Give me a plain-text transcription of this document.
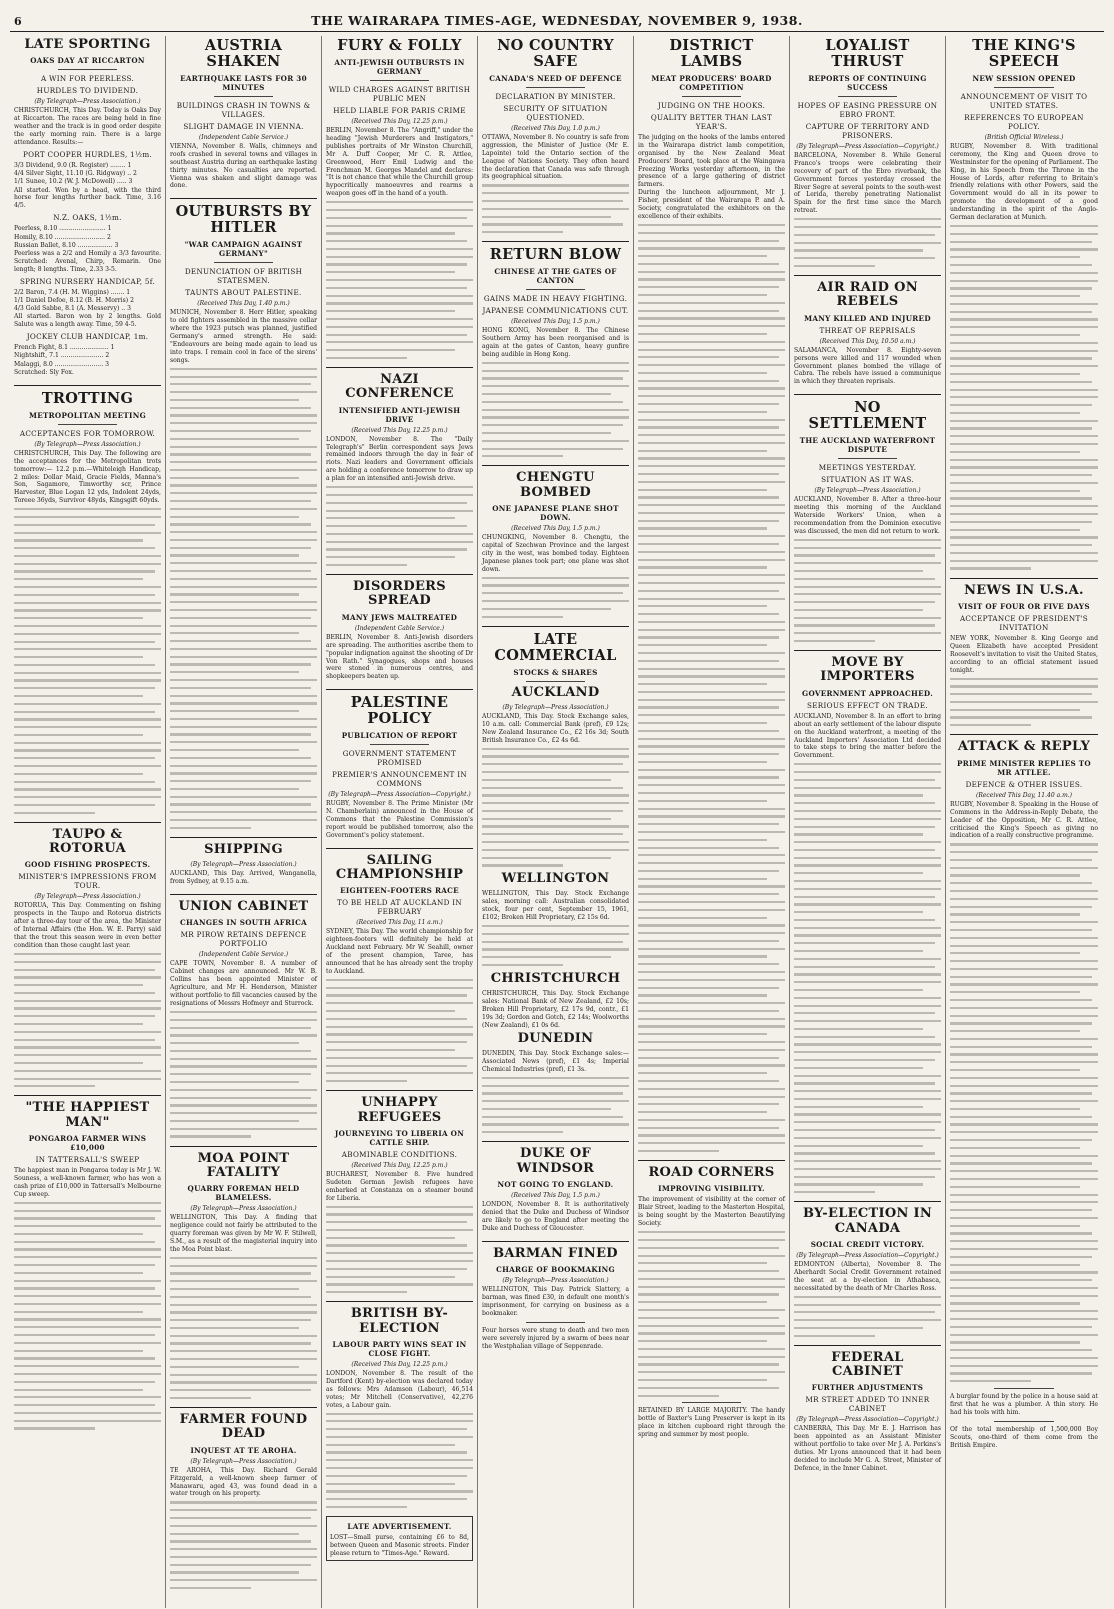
6	THE WAIRARAPA TIMES-AGE, WEDNESDAY, NOVEMBER 9, 1938.
LATE SPORTING
OAKS DAY AT RICCARTON
A WIN FOR PEERLESS.
HURDLES TO DIVIDEND.
(By Telegraph—Press Association.)

CHRISTCHURCH, This Day. Today is Oaks Day at Riccarton. The races are being held in fine weather and the track is in good order despite the early morning rain. There is a large attendance. Results:—

PORT COOPER HURDLES, 1½m.
3/3 Dividend, 9.0 (R. Register) ........ 1
4/4 Silver Sight, 11.10 (G. Ridgway) .. 2
1/1 Sunee, 10.2 (W. J. McDowell) ..... 3

All started. Won by a head, with the third horse four lengths further back. Time, 3.16 4/5.

N.Z. OAKS, 1½m.
Peerless, 8.10 ........................ 1
Homily, 8.10 .......................... 2
Russian Ballet, 8.10 .................. 3

Peerless was a 2/2 and Homily a 3/3 favourite. Scratched: Avenal, Chirp, Remarin. One length; 8 lengths. Time, 2.33 3-5.

SPRING NURSERY HANDICAP, 5f.
2/2 Baron, 7.4 (H. M. Wiggins) ....... 1
1/1 Daniel Defoe, 8.12 (B. H. Morris) 2
4/3 Gold Sabbe, 8.1 (A. Messervy) .. 3

All started. Baron won by 2 lengths. Gold Salute was a length away. Time, 59 4-5.

JOCKEY CLUB HANDICAP, 1m.
French Fight, 8.1 .................... 1
Nightshift, 7.1 ...................... 2
Malaggi, 8.0 ......................... 3

Scratched: Sly Fox.

TROTTING
METROPOLITAN MEETING
ACCEPTANCES FOR TOMORROW.
(By Telegraph—Press Association.)

CHRISTCHURCH, This Day. The following are the acceptances for the Metropolitan trots tomorrow:— 12.2 p.m.—Whiteleigh Handicap, 2 miles: Dollar Maid, Gracie Fields, Manna's Son, Sagamore, Timworthy scr, Prince Harvester, Blue Logan 12 yds, Indolent 24yds, Toreee 36yds, Survivor 48yds, Kingsgift 60yds.

TAUPO & ROTORUA
GOOD FISHING PROSPECTS.
MINISTER'S IMPRESSIONS FROM TOUR.
(By Telegraph—Press Association.)

ROTORUA, This Day. Commenting on fishing prospects in the Taupo and Rotorua districts after a three-day tour of the area, the Minister of Internal Affairs (the Hon. W. E. Parry) said that the trout this season were in even better condition than those caught last year.

"THE HAPPIEST MAN"
PONGAROA FARMER WINS £10,000
IN TATTERSALL'S SWEEP

The happiest man in Pongaroa today is Mr J. W. Souness, a well-known farmer, who has won a cash prize of £10,000 in Tattersall's Melbourne Cup sweep.

AUSTRIA SHAKEN
EARTHQUAKE LASTS FOR 30 MINUTES
BUILDINGS CRASH IN TOWNS & VILLAGES.
SLIGHT DAMAGE IN VIENNA.
(Independent Cable Service.)

VIENNA, November 8. Walls, chimneys and roofs crashed in several towns and villages in southeast Austria during an earthquake lasting thirty minutes. No casualties are reported. Vienna was shaken and slight damage was done.

OUTBURSTS BY HITLER
"WAR CAMPAIGN AGAINST GERMANY"
DENUNCIATION OF BRITISH STATESMEN.
TAUNTS ABOUT PALESTINE.
(Received This Day, 1.40 p.m.)

MUNICH, November 8. Herr Hitler, speaking to old fighters assembled in the massive cellar where the 1923 putsch was planned, justified Germany's armed strength. He said: "Endeavours are being made again to lead us into traps. I remain cool in face of the sirens' songs.

SHIPPING
(By Telegraph—Press Association.)

AUCKLAND, This Day. Arrived, Wanganella, from Sydney, at 9.15 a.m.

UNION CABINET
CHANGES IN SOUTH AFRICA
MR PIROW RETAINS DEFENCE PORTFOLIO
(Independent Cable Service.)

CAPE TOWN, November 8. A number of Cabinet changes are announced. Mr W. B. Collins has been appointed Minister of Agriculture, and Mr H. Henderson, Minister without portfolio to fill vacancies caused by the resignations of Messrs Hofmeyr and Sturrock.

MOA POINT FATALITY
QUARRY FOREMAN HELD BLAMELESS.
(By Telegraph—Press Association.)

WELLINGTON, This Day. A finding that negligence could not fairly be attributed to the quarry foreman was given by Mr W. F. Stilwell, S.M., as a result of the magisterial inquiry into the Moa Point blast.

FARMER FOUND DEAD
INQUEST AT TE AROHA.
(By Telegraph—Press Association.)

TE AROHA, This Day. Richard Gerald Fitzgerald, a well-known sheep farmer of Manawaru, aged 43, was found dead in a water trough on his property.

FURY & FOLLY
ANTI-JEWISH OUTBURSTS IN GERMANY
WILD CHARGES AGAINST BRITISH PUBLIC MEN
HELD LIABLE FOR PARIS CRIME
(Received This Day, 12.25 p.m.)

BERLIN, November 8. The "Angriff," under the heading "Jewish Murderers and Instigators," publishes portraits of Mr Winston Churchill, Mr A. Duff Cooper, Mr C. R. Attlee, Greenwood, Herr Emil Ludwig and the Frenchman M. Georges Mandel and declares: "It is not chance that while the Churchill group hypocritically manoeuvres and rearms a weapon goes off in the hand of a youth.

NAZI CONFERENCE
INTENSIFIED ANTI-JEWISH DRIVE
(Received This Day, 12.25 p.m.)

LONDON, November 8. The "Daily Telegraph's" Berlin correspondent says Jews remained indoors through the day in fear of riots. Nazi leaders and Government officials are holding a conference tomorrow to draw up a plan for an intensified anti-Jewish drive.

DISORDERS SPREAD
MANY JEWS MALTREATED
(Independent Cable Service.)

BERLIN, November 8. Anti-Jewish disorders are spreading. The authorities ascribe them to "popular indignation against the shooting of Dr Von Rath." Synagogues, shops and houses were stoned in numerous centres, and shopkeepers beaten up.

PALESTINE POLICY
PUBLICATION OF REPORT
GOVERNMENT STATEMENT PROMISED
PREMIER'S ANNOUNCEMENT IN COMMONS
(By Telegraph—Press Association—Copyright.)

RUGBY, November 8. The Prime Minister (Mr N. Chamberlain) announced in the House of Commons that the Palestine Commission's report would be published tomorrow, also the Government's policy statement.

SAILING CHAMPIONSHIP
EIGHTEEN-FOOTERS RACE
TO BE HELD AT AUCKLAND IN FEBRUARY
(Received This Day, 11 a.m.)

SYDNEY, This Day. The world championship for eighteen-footers will definitely be held at Auckland next February. Mr W. Seahill, owner of the present champion, Taree, has announced that he has already sent the trophy to Auckland.

UNHAPPY REFUGEES
JOURNEYING TO LIBERIA ON CATTLE SHIP.
ABOMINABLE CONDITIONS.
(Received This Day, 12.25 p.m.)

BUCHAREST, November 8. Five hundred Sudeten German Jewish refugees have embarked at Constanza on a steamer bound for Liberia.

BRITISH BY-ELECTION
LABOUR PARTY WINS SEAT IN CLOSE FIGHT.
(Received This Day, 12.25 p.m.)

LONDON, November 8. The result of the Dartford (Kent) by-election was declared today as follows: Mrs Adamson (Labour), 46,514 votes; Mr Mitchell (Conservative), 42,276 votes, a Labour gain.

LATE ADVERTISEMENT.

LOST—Small purse, containing £6 to 8d, between Queen and Masonic streets. Finder please return to "Times-Age." Reward.

NO COUNTRY SAFE
CANADA'S NEED OF DEFENCE
DECLARATION BY MINISTER.
SECURITY OF SITUATION QUESTIONED.
(Received This Day, 1.0 p.m.)

OTTAWA, November 8. No country is safe from aggression, the Minister of Justice (Mr E. Lapointe) told the Ontario section of the League of Nations Society. They often heard the declaration that Canada was safe through its geographical situation.

RETURN BLOW
CHINESE AT THE GATES OF CANTON
GAINS MADE IN HEAVY FIGHTING.
JAPANESE COMMUNICATIONS CUT.
(Received This Day, 1.5 p.m.)

HONG KONG, November 8. The Chinese Southern Army has been reorganised and is again at the gates of Canton, heavy gunfire being audible in Hong Kong.

CHENGTU BOMBED
ONE JAPANESE PLANE SHOT DOWN.
(Received This Day, 1.5 p.m.)

CHUNGKING, November 8. Chengtu, the capital of Szechwan Province and the largest city in the west, was bombed today. Eighteen Japanese planes took part; one plane was shot down.

LATE COMMERCIAL
STOCKS & SHARES
AUCKLAND
(By Telegraph—Press Association.)

AUCKLAND, This Day. Stock Exchange sales, 10 a.m. call: Commercial Bank (pref), £9 12s; New Zealand Insurance Co., £2 16s 3d; South British Insurance Co., £2 4s 6d.

WELLINGTON

WELLINGTON, This Day. Stock Exchange sales, morning call: Australian consolidated stock, four per cent, September 15, 1961, £102; Broken Hill Proprietary, £2 15s 6d.

CHRISTCHURCH

CHRISTCHURCH, This Day. Stock Exchange sales: National Bank of New Zealand, £2 10s; Broken Hill Proprietary, £2 17s 9d, contr., £1 19s 3d; Gordon and Gotch, £2 14s; Woolworths (New Zealand), £1 0s 6d.

DUNEDIN

DUNEDIN, This Day. Stock Exchange sales:—Associated News (pref), £1 4s; Imperial Chemical Industries (pref), £1 3s.

DUKE OF WINDSOR
NOT GOING TO ENGLAND.
(Received This Day, 1.5 p.m.)

LONDON, November 8. It is authoritatively denied that the Duke and Duchess of Windsor are likely to go to England after meeting the Duke and Duchess of Gloucester.

BARMAN FINED
CHARGE OF BOOKMAKING
(By Telegraph—Press Association.)

WELLINGTON, This Day. Patrick Slattery, a barman, was fined £30, in default one month's imprisonment, for carrying on business as a bookmaker.

Four horses were stung to death and two men were severely injured by a swarm of bees near the Westphalian village of Seppenrade.

DISTRICT LAMBS
MEAT PRODUCERS' BOARD COMPETITION
JUDGING ON THE HOOKS.
QUALITY BETTER THAN LAST YEAR'S.

The judging on the hooks of the lambs entered in the Wairarapa district lamb competition, organised by the New Zealand Meat Producers' Board, took place at the Waingawa Freezing Works yesterday afternoon, in the presence of a large gathering of district farmers.

During the luncheon adjournment, Mr J. Fisher, president of the Wairarapa P. and A. Society, congratulated the exhibitors on the excellence of their exhibits.

ROAD CORNERS
IMPROVING VISIBILITY.

The improvement of visibility at the corner of Blair Street, leading to the Masterton Hospital, is being sought by the Masterton Beautifying Society.

RETAINED BY LARGE MAJORITY. The handy bottle of Baxter's Lung Preserver is kept in its place in kitchen cupboard right through the spring and summer by most people.

LOYALIST THRUST
REPORTS OF CONTINUING SUCCESS
HOPES OF EASING PRESSURE ON EBRO FRONT.
CAPTURE OF TERRITORY AND PRISONERS.
(By Telegraph—Press Association—Copyright.)

BARCELONA, November 8. While General Franco's troops were celebrating their recovery of part of the Ebro riverbank, the Government forces yesterday crossed the River Segre at several points to the south-west of Lerida, thereby penetrating Nationalist Spain for the first time since the March retreat.

AIR RAID ON REBELS
MANY KILLED AND INJURED
THREAT OF REPRISALS
(Received This Day, 10.50 a.m.)

SALAMANCA, November 8. Eighty-seven persons were killed and 117 wounded when Government planes bombed the village of Cabra. The rebels have issued a communique in which they threaten reprisals.

NO SETTLEMENT
THE AUCKLAND WATERFRONT DISPUTE
MEETINGS YESTERDAY.
SITUATION AS IT WAS.
(By Telegraph—Press Association.)

AUCKLAND, November 8. After a three-hour meeting this morning of the Auckland Waterside Workers' Union, when a recommendation from the Dominion executive was discussed, the men did not return to work.

MOVE BY IMPORTERS
GOVERNMENT APPROACHED.
SERIOUS EFFECT ON TRADE.

AUCKLAND, November 8. In an effort to bring about an early settlement of the labour dispute on the Auckland waterfront, a meeting of the Auckland Importers' Association Ltd decided to take steps to bring the matter before the Government.

BY-ELECTION IN CANADA
SOCIAL CREDIT VICTORY.
(By Telegraph—Press Association—Copyright.)

EDMONTON (Alberta), November 8. The Aberhardt Social Credit Government retained the seat at a by-election in Athabasca, necessitated by the death of Mr Charles Ross.

FEDERAL CABINET
FURTHER ADJUSTMENTS
MR STREET ADDED TO INNER CABINET
(By Telegraph—Press Association—Copyright.)

CANBERRA, This Day. Mr E. J. Harrison has been appointed as an Assistant Minister without portfolio to take over Mr J. A. Perkins's duties. Mr Lyons announced that it had been decided to include Mr G. A. Street, Minister of Defence, in the Inner Cabinet.

THE KING'S SPEECH
NEW SESSION OPENED
ANNOUNCEMENT OF VISIT TO UNITED STATES.
REFERENCES TO EUROPEAN POLICY.
(British Official Wireless.)

RUGBY, November 8. With traditional ceremony, the King and Queen drove to Westminster for the opening of Parliament. The King, in his Speech from the Throne in the House of Lords, after referring to Britain's friendly relations with other Powers, said the Government would do all in its power to promote the development of a good understanding in the spirit of the Anglo-German declaration at Munich.

NEWS IN U.S.A.
VISIT OF FOUR OR FIVE DAYS
ACCEPTANCE OF PRESIDENT'S INVITATION

NEW YORK, November 8. King George and Queen Elizabeth have accepted President Roosevelt's invitation to visit the United States, according to an official statement issued tonight.

ATTACK & REPLY
PRIME MINISTER REPLIES TO MR ATTLEE.
DEFENCE & OTHER ISSUES.
(Received This Day, 11.40 a.m.)

RUGBY, November 8. Speaking in the House of Commons in the Address-in-Reply Debate, the Leader of the Opposition, Mr C. R. Attlee, criticised the King's Speech as giving no indication of a really constructive programme.

A burglar found by the police in a house said at first that he was a plumber. A thin story. He had his tools with him.

Of the total membership of 1,500,000 Boy Scouts, one-third of them come from the British Empire.
